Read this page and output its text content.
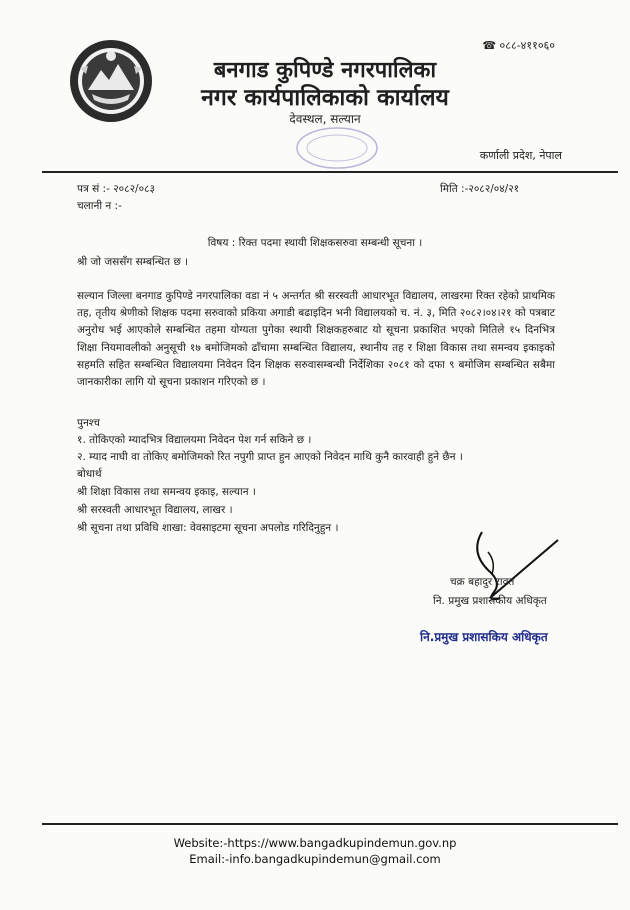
☎ ०८८-४११०६०
बनगाड कुपिण्डे नगरपालिका
नगर कार्यपालिकाको कार्यालय
देवस्थल, सल्यान
कर्णाली प्रदेश, नेपाल
पत्र सं :- २०८२/०८३
चलानी न :-
मिति :-२०८२/०४/२१
विषय : रिक्त पदमा स्थायी शिक्षकसरुवा सम्बन्धी सूचना ।
श्री जो जससँग सम्बन्धित छ ।
सल्यान जिल्ला बनगाड कुपिण्डे नगरपालिका वडा नं ५ अन्तर्गत श्री सरस्वती आधारभूत विद्यालय, लाखरमा रिक्त रहेको प्राथमिक तह, तृतीय श्रेणीको शिक्षक पदमा सरुवाको प्रकिया अगाडी बढाइदिन भनी विद्यालयको च. नं. ३, मिति २०८२।०४।२१ को पत्रबाट अनुरोध भई आएकोले सम्बन्धित तहमा योग्यता पुगेका स्थायी शिक्षकहरुबाट यो सूचना प्रकाशित भएको मितिले १५ दिनभित्र शिक्षा नियमावलीको अनुसूची १७ बमोजिमको ढाँचामा सम्बन्धित विद्यालय, स्थानीय तह र शिक्षा विकास तथा समन्वय इकाइको सहमति सहित सम्बन्धित विद्यालयमा निवेदन दिन शिक्षक सरुवासम्बन्धी निर्देशिका २०८१ को दफा ९ बमोजिम सम्बन्धित सबैमा जानकारीका लागि यो सूचना प्रकाशन गरिएको छ ।
पुनश्च
१. तोकिएको म्यादभित्र विद्यालयमा निवेदन पेश गर्न सकिने छ ।
२. म्याद नाघी वा तोकिए बमोजिमको रित नपुगी प्राप्त हुन आएको निवेदन माथि कुनै कारवाही हुने छैन ।
बोधार्थ
श्री शिक्षा विकास तथा समन्वय इकाइ, सल्यान ।
श्री सरस्वती आधारभूत विद्यालय, लाखर ।
श्री सूचना तथा प्रविधि शाखा: वेवसाइटमा सूचना अपलोड गरिदिनुहुन ।
चक्र बहादुर रावत
नि. प्रमुख प्रशासकीय अधिकृत
नि.प्रमुख प्रशासकिय अधिकृत
Website:-https://www.bangadkupindemun.gov.np
Email:-info.bangadkupindemun@gmail.com
